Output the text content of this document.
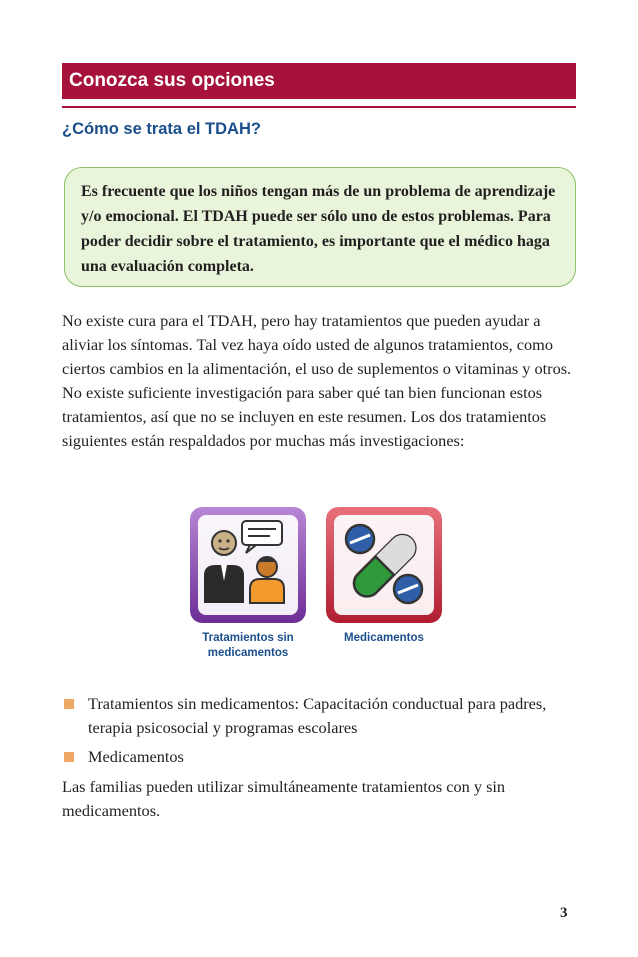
Conozca sus opciones
¿Cómo se trata el TDAH?

Es frecuente que los niños tengan más de un problema de aprendizaje y/o emocional. El TDAH puede ser sólo uno de estos problemas. Para poder decidir sobre el tratamiento, es importante que el médico haga una evaluación completa.

No existe cura para el TDAH, pero hay tratamientos que pueden ayudar a aliviar los síntomas. Tal vez haya oído usted de algunos tratamientos, como ciertos cambios en la alimentación, el uso de suplementos o vitaminas y otros. No existe suficiente investigación para saber qué tan bien funcionan estos tratamientos, así que no se incluyen en este resumen. Los dos tratamientos siguientes están respaldados por muchas más investigaciones:

Tratamientos sin medicamentos
Medicamentos
Tratamientos sin medicamentos: Capacitación conductual para padres, terapia psicosocial y programas escolares
Medicamentos

Las familias pueden utilizar simultáneamente tratamientos con y sin medicamentos.

3
